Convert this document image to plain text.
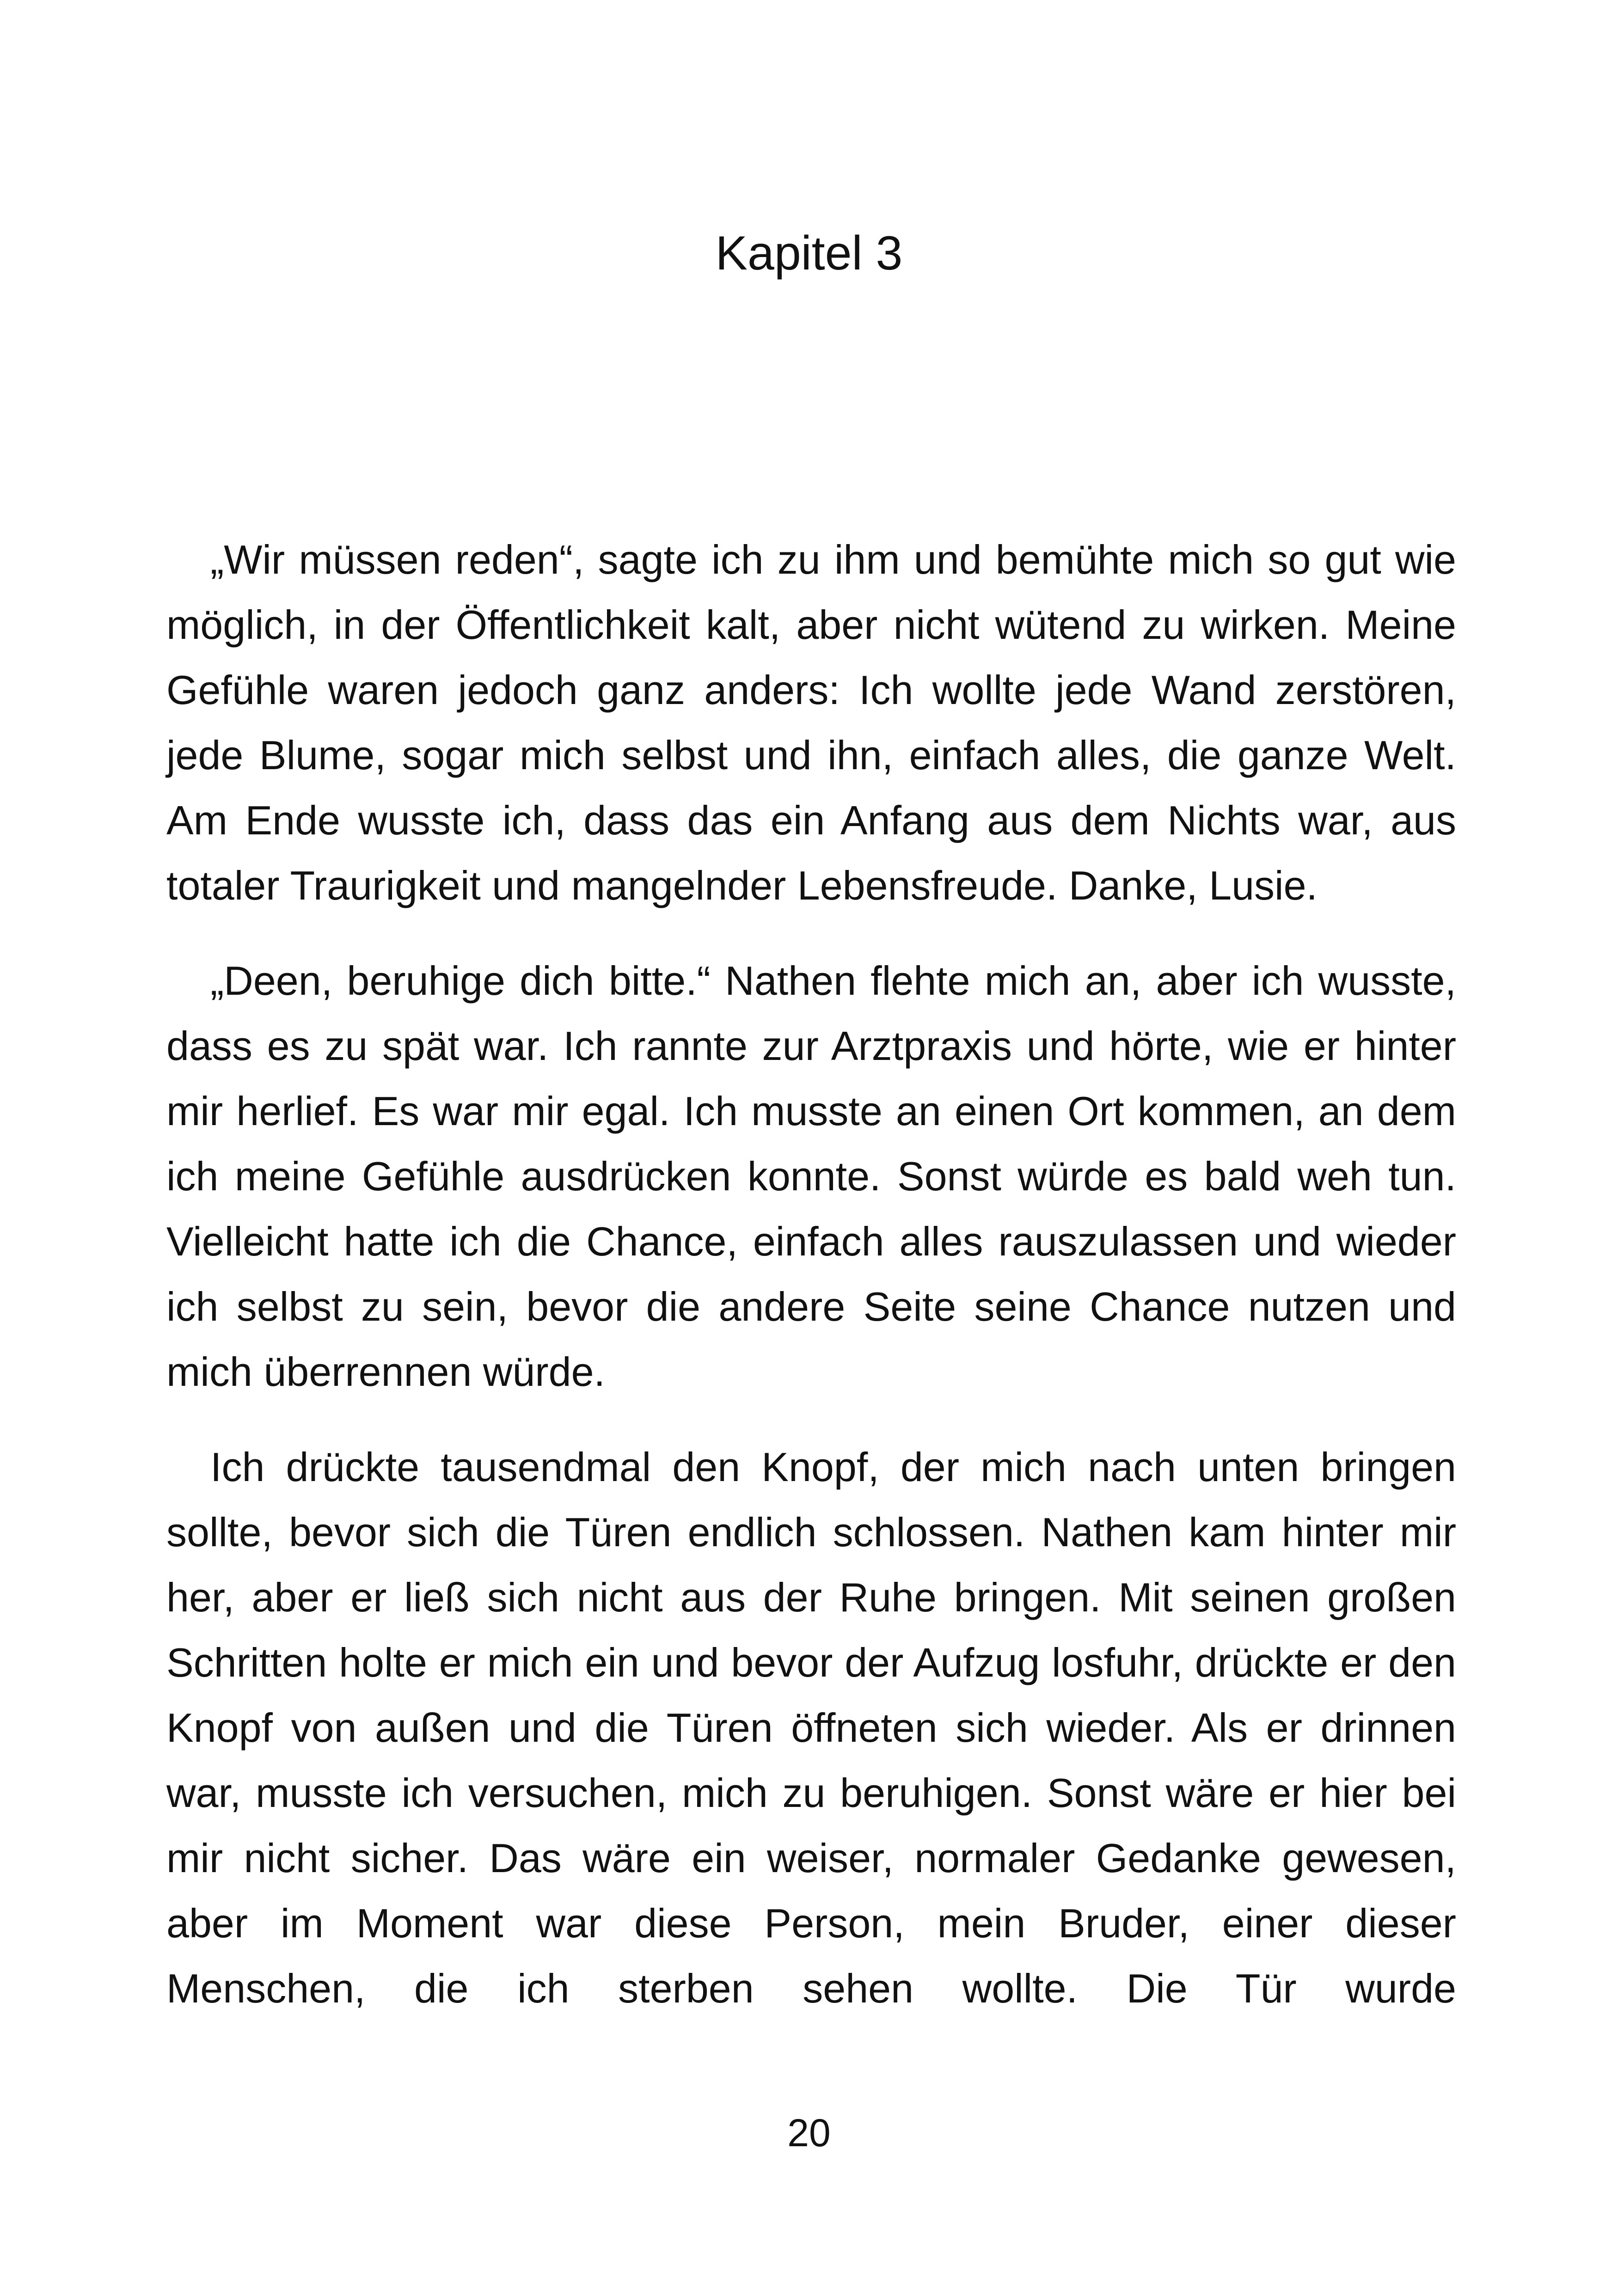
Kapitel 3

„Wir müssen reden“, sagte ich zu ihm und bemühte mich so gut wie möglich, in der Öffentlichkeit kalt, aber nicht wütend zu wirken. Meine Gefühle waren jedoch ganz anders: Ich wollte jede Wand zerstören, jede Blume, sogar mich selbst und ihn, einfach alles, die ganze Welt. Am Ende wusste ich, dass das ein Anfang aus dem Nichts war, aus totaler Traurigkeit und mangelnder Lebensfreude. Danke, Lusie.

„Deen, beruhige dich bitte.“ Nathen flehte mich an, aber ich wusste, dass es zu spät war. Ich rannte zur Arztpraxis und hörte, wie er hinter mir herlief. Es war mir egal. Ich musste an einen Ort kommen, an dem ich meine Gefühle ausdrücken konnte. Sonst würde es bald weh tun. Vielleicht hatte ich die Chance, einfach alles rauszulassen und wieder ich selbst zu sein, bevor die andere Seite seine Chance nutzen und mich überrennen würde.

Ich drückte tausendmal den Knopf, der mich nach unten bringen sollte, bevor sich die Türen endlich schlossen. Nathen kam hinter mir her, aber er ließ sich nicht aus der Ruhe bringen. Mit seinen großen Schritten holte er mich ein und bevor der Aufzug losfuhr, drückte er den Knopf von außen und die Türen öffneten sich wieder. Als er drinnen war, musste ich versuchen, mich zu beruhigen. Sonst wäre er hier bei mir nicht sicher. Das wäre ein weiser, normaler Gedanke gewesen, aber im Moment war diese Person, mein Bruder, einer dieser Menschen, die ich sterben sehen wollte. Die Tür wurde

20
